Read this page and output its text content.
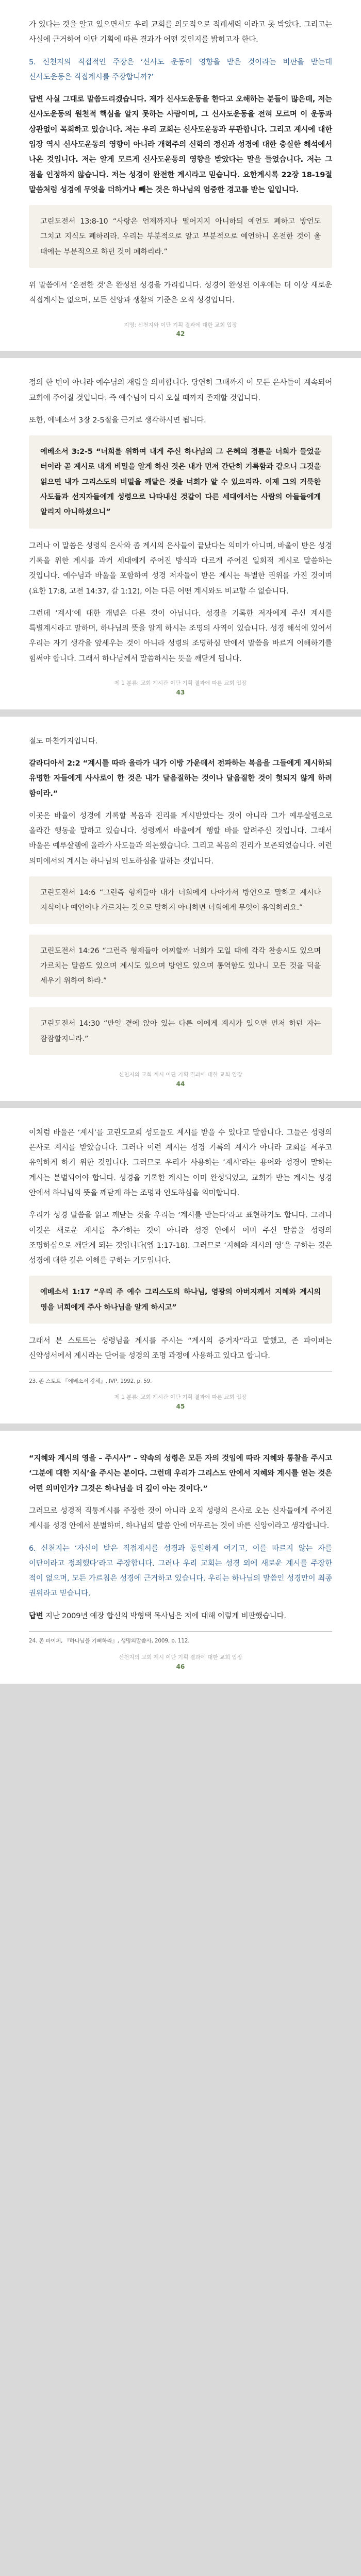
가 있다는 것을 알고 있으면서도 우리 교회를 의도적으로 적폐세력 이라고 못 박았다. 그리고는 사실에 근거하여 이단 기획에 따른 결과가 어떤 것인지를 밝히고자 한다.

5. 신천지의 직접적인 주장은 ‘신사도 운동이 영향을 받은 것이라는 비판을 받는데 신사도운동은 직접계시를 주장합니까?’

답변 사실 그대로 말씀드리겠습니다. 제가 신사도운동을 한다고 오해하는 분들이 많은데, 저는 신사도운동의 원천적 핵심을 알지 못하는 사람이며, 그 신사도운동을 전혀 모르며 이 운동과 상관없이 목회하고 있습니다. 저는 우리 교회는 신사도운동과 무관합니다. 그리고 계시에 대한 입장 역시 신사도운동의 영향이 아니라 개혁주의 신학의 정신과 성경에 대한 충실한 해석에서 나온 것입니다. 저는 알게 모르게 신사도운동의 영향을 받았다는 말을 들었습니다. 저는 그 점을 인정하지 않습니다. 저는 성경이 완전한 계시라고 믿습니다. 요한계시록 22장 18-19절 말씀처럼 성경에 무엇을 더하거나 빼는 것은 하나님의 엄중한 경고를 받는 일입니다.

고린도전서 13:8-10 “사랑은 언제까지나 떨어지지 아니하되 예언도 폐하고 방언도 그치고 지식도 폐하리라. 우리는 부분적으로 알고 부분적으로 예언하니 온전한 것이 올 때에는 부분적으로 하던 것이 폐하리라.”

위 말씀에서 ‘온전한 것’은 완성된 성경을 가리킵니다. 성경이 완성된 이후에는 더 이상 새로운 직접계시는 없으며, 모든 신앙과 생활의 기준은 오직 성경입니다.

지명: 신천지와 이단 기획 결과에 대한 교회 입장
42

정의 한 번이 아니라 예수님의 재림을 의미합니다. 당연히 그때까지 이 모든 은사들이 계속되어 교회에 주어질 것입니다. 즉 예수님이 다시 오실 때까지 존재할 것입니다.

또한, 에베소서 3장 2-5절을 근거로 생각하시면 됩니다.

에베소서 3:2-5 “너희를 위하여 내게 주신 하나님의 그 은혜의 경륜을 너희가 들었을 터이라 곧 계시로 내게 비밀을 알게 하신 것은 내가 먼저 간단히 기록함과 같으니 그것을 읽으면 내가 그리스도의 비밀을 깨달은 것을 너희가 알 수 있으리라. 이제 그의 거룩한 사도들과 선지자들에게 성령으로 나타내신 것같이 다른 세대에서는 사람의 아들들에게 알리지 아니하셨으니”

그러나 이 말씀은 성령의 은사와 좀 계시의 은사들이 끝났다는 의미가 아니며, 바울이 받은 성경 기록을 위한 계시를 과거 세대에게 주어진 방식과 다르게 주어진 일회적 계시로 말씀하는 것입니다. 예수님과 바울을 포함하여 성경 저자들이 받은 계시는 특별한 권위를 가진 것이며(요한 17:8, 고전 14:37, 갈 1:12), 이는 다른 어떤 계시와도 비교할 수 없습니다.

그런데 ‘계시’에 대한 개념은 다른 것이 아닙니다. 성경을 기록한 저자에게 주신 계시를 특별계시라고 말하며, 하나님의 뜻을 알게 하시는 조명의 사역이 있습니다. 성경 해석에 있어서 우리는 자기 생각을 앞세우는 것이 아니라 성령의 조명하심 안에서 말씀을 바르게 이해하기를 힘써야 합니다. 그래서 하나님께서 말씀하시는 뜻을 깨닫게 됩니다.

제 1 분류: 교회 계시관 이단 기획 결과에 따른 교회 입장
43

절도 마찬가지입니다.

갈라디아서 2:2 “계시를 따라 올라가 내가 이방 가운데서 전파하는 복음을 그들에게 제시하되 유명한 자들에게 사사로이 한 것은 내가 달음질하는 것이나 달음질한 것이 헛되지 않게 하려 함이라.”

이곳은 바울이 성경에 기록할 복음과 진리를 계시받았다는 것이 아니라 그가 예루살렘으로 올라간 행동을 말하고 있습니다. 성령께서 바울에게 행할 바를 알려주신 것입니다. 그래서 바울은 예루살렘에 올라가 사도들과 의논했습니다. 그리고 복음의 진리가 보존되었습니다. 이런 의미에서의 계시는 하나님의 인도하심을 말하는 것입니다.

고린도전서 14:6 “그런즉 형제들아 내가 너희에게 나아가서 방언으로 말하고 계시나 지식이나 예언이나 가르치는 것으로 말하지 아니하면 너희에게 무엇이 유익하리요.”

고린도전서 14:26 “그런즉 형제들아 어찌할까 너희가 모일 때에 각각 찬송시도 있으며 가르치는 말씀도 있으며 계시도 있으며 방언도 있으며 통역함도 있나니 모든 것을 덕을 세우기 위하여 하라.”

고린도전서 14:30 “만일 곁에 앉아 있는 다른 이에게 계시가 있으면 먼저 하던 자는 잠잠할지니라.”

신천지의 교회 계시 이단 기획 결과에 대한 교회 입장
44

이처럼 바울은 ‘계시’를 고린도교회 성도들도 계시를 받을 수 있다고 말합니다. 그들은 성령의 은사로 계시를 받았습니다. 그러나 이런 계시는 성경 기록의 계시가 아니라 교회를 세우고 유익하게 하기 위한 것입니다. 그러므로 우리가 사용하는 ‘계시’라는 용어와 성경이 말하는 계시는 분별되어야 합니다. 성경을 기록한 계시는 이미 완성되었고, 교회가 받는 계시는 성경 안에서 하나님의 뜻을 깨닫게 하는 조명과 인도하심을 의미합니다.

우리가 성경 말씀을 읽고 깨닫는 것을 우리는 ‘계시를 받는다’라고 표현하기도 합니다. 그러나 이것은 새로운 계시를 추가하는 것이 아니라 성경 안에서 이미 주신 말씀을 성령의 조명하심으로 깨닫게 되는 것입니다(엡 1:17-18). 그러므로 ‘지혜와 계시의 영’을 구하는 것은 성경에 대한 깊은 이해를 구하는 기도입니다.

에베소서 1:17 “우리 주 예수 그리스도의 하나님, 영광의 아버지께서 지혜와 계시의 영을 너희에게 주사 하나님을 알게 하시고”

그래서 본 스토트는 성령님을 계시를 주시는 “계시의 증거자”라고 말했고, 존 파이퍼는 신약성서에서 계시라는 단어를 성경의 조명 과정에 사용하고 있다고 합니다.

23. 존 스토트 『에베소서 강해』, IVP, 1992, p. 59.

제 1 분류: 교회 계시관 이단 기획 결과에 따른 교회 입장
45

“지혜와 계시의 영을 – 주시사” – 약속의 성령은 모든 자의 것임에 따라 지혜와 통찰을 주시고 ‘그분에 대한 지식’을 주시는 분이다. 그런데 우리가 그리스도 안에서 지혜와 계시를 얻는 것은 어떤 의미인가? 그것은 하나님을 더 깊이 아는 것이다.”

그러므로 성경적 직통계시를 주장한 것이 아니라 오직 성령의 은사로 오는 신자들에게 주어진 계시를 성경 안에서 분별하며, 하나님의 말씀 안에 머무르는 것이 바른 신앙이라고 생각합니다.

6. 신천지는 ‘자신이 받은 직접계시를 성경과 동일하게 여기고, 이를 따르지 않는 자를 이단이라고 정죄했다’라고 주장합니다. 그러나 우리 교회는 성경 외에 새로운 계시를 주장한 적이 없으며, 모든 가르침은 성경에 근거하고 있습니다. 우리는 하나님의 말씀인 성경만이 최종 권위라고 믿습니다.

답변 지난 2009년 예장 합신의 박형택 목사님은 저에 대해 이렇게 비판했습니다.

24. 존 파이퍼, 『하나님을 기뻐하라』, 생명의말씀사, 2009, p. 112.

신천지의 교회 계시 이단 기획 결과에 대한 교회 입장
46
